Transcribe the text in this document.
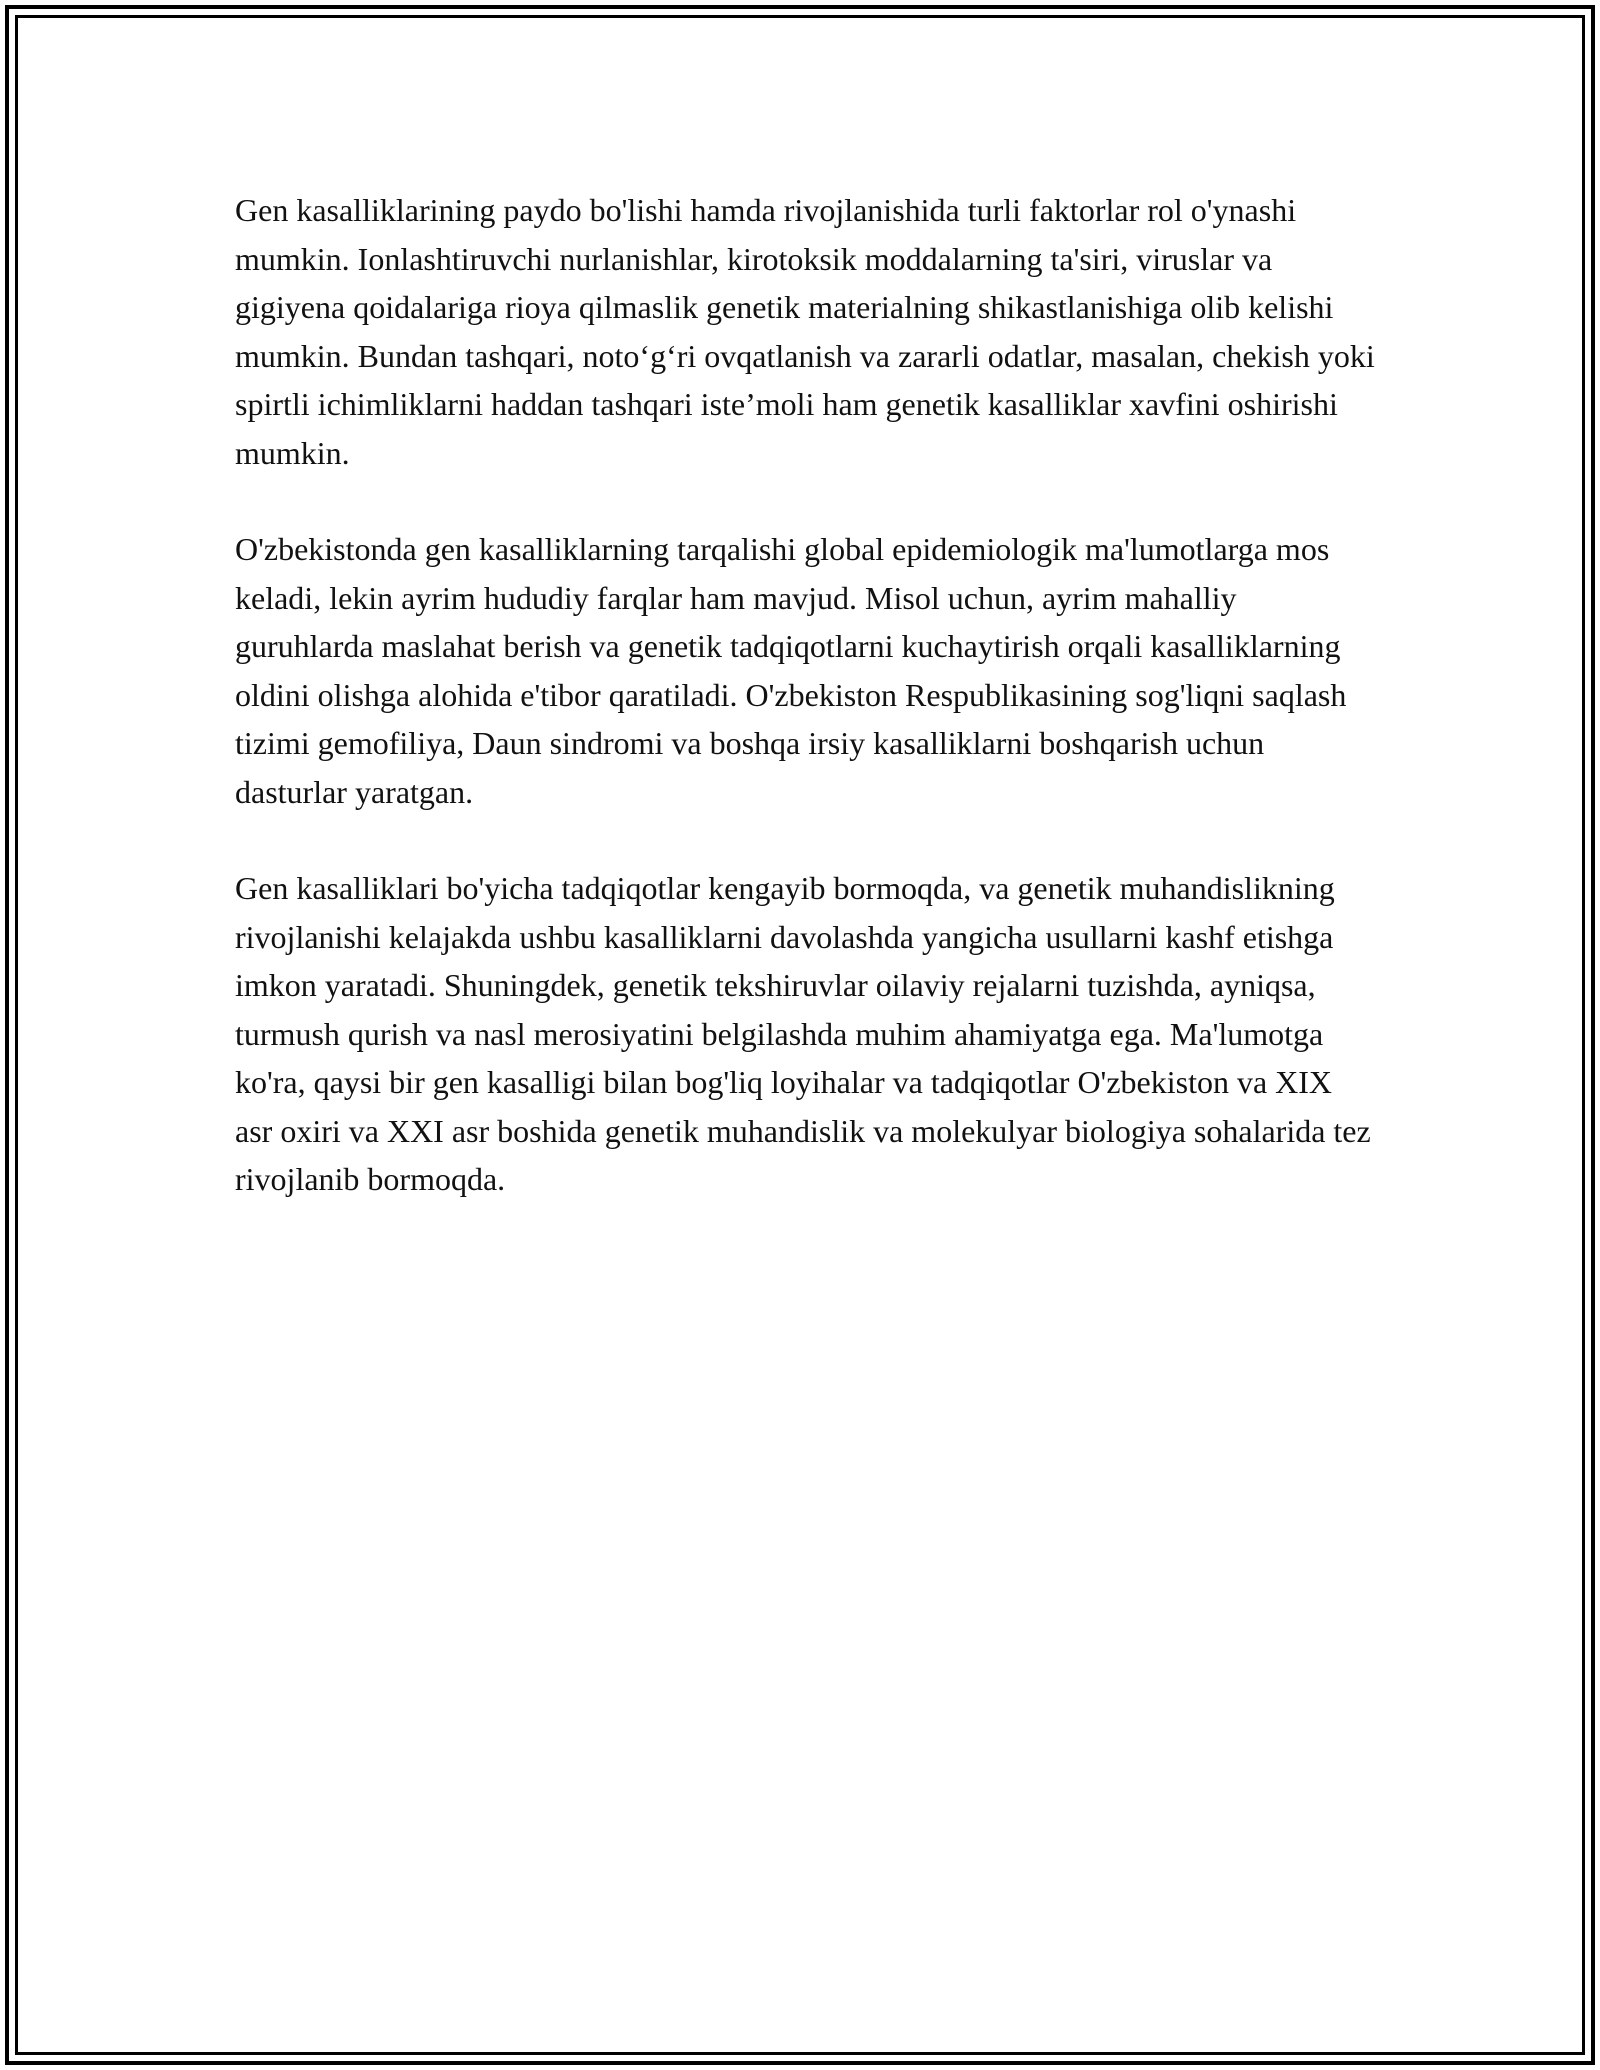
Gen kasalliklarining paydo bo'lishi hamda rivojlanishida turli faktorlar rol o'ynashi mumkin. Ionlashtiruvchi nurlanishlar, kirotoksik moddalarning ta'siri, viruslar va gigiyena qoidalariga rioya qilmaslik genetik materialning shikastlanishiga olib kelishi mumkin. Bundan tashqari, noto‘g‘ri ovqatlanish va zararli odatlar, masalan, chekish yoki spirtli ichimliklarni haddan tashqari iste’moli ham genetik kasalliklar xavfini oshirishi mumkin.

O'zbekistonda gen kasalliklarning tarqalishi global epidemiologik ma'lumotlarga mos keladi, lekin ayrim hududiy farqlar ham mavjud. Misol uchun, ayrim mahalliy guruhlarda maslahat berish va genetik tadqiqotlarni kuchaytirish orqali kasalliklarning oldini olishga alohida e'tibor qaratiladi. O'zbekiston Respublikasining sog'liqni saqlash tizimi gemofiliya, Daun sindromi va boshqa irsiy kasalliklarni boshqarish uchun dasturlar yaratgan.

Gen kasalliklari bo'yicha tadqiqotlar kengayib bormoqda, va genetik muhandislikning rivojlanishi kelajakda ushbu kasalliklarni davolashda yangicha usullarni kashf etishga imkon yaratadi. Shuningdek, genetik tekshiruvlar oilaviy rejalarni tuzishda, ayniqsa, turmush qurish va nasl merosiyatini belgilashda muhim ahamiyatga ega. Ma'lumotga ko'ra, qaysi bir gen kasalligi bilan bog'liq loyihalar va tadqiqotlar O'zbekiston va XIX asr oxiri va XXI asr boshida genetik muhandislik va molekulyar biologiya sohalarida tez rivojlanib bormoqda.
